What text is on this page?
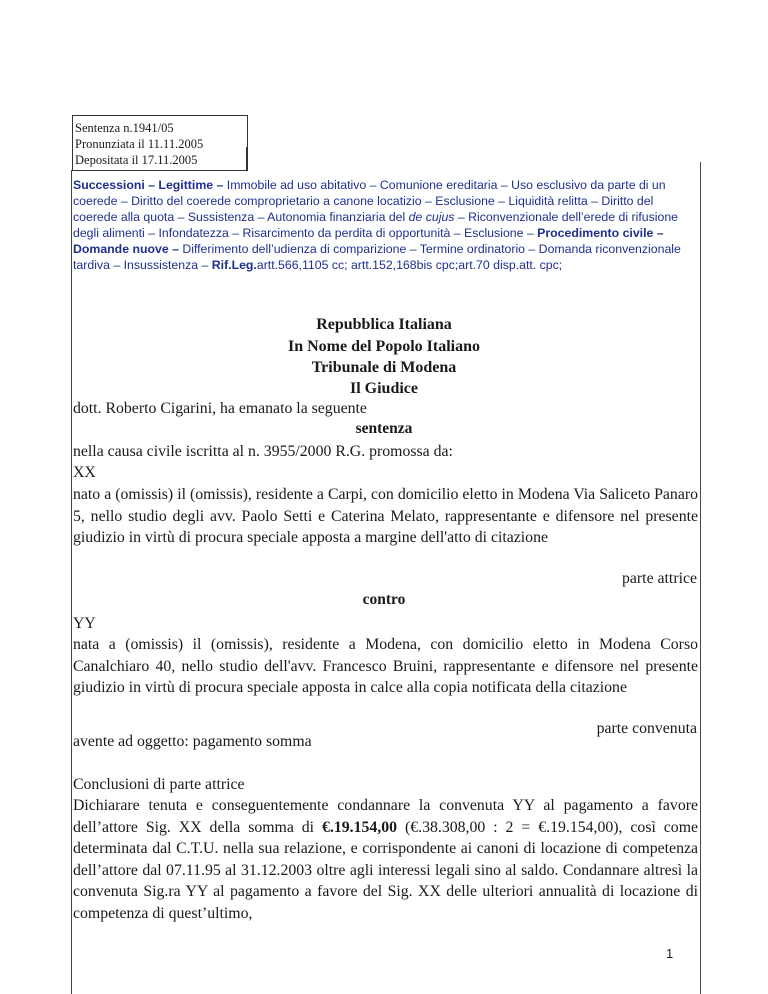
Sentenza n.1941/05
Pronunziata il 11.11.2005
Depositata il 17.11.2005
Successioni – Legittime – Immobile ad uso abitativo – Comunione ereditaria – Uso esclusivo da parte di un coerede – Diritto del coerede comproprietario a canone locatizio – Esclusione – Liquidità relitta – Diritto del coerede alla quota – Sussistenza – Autonomia finanziaria del de cujus – Riconvenzionale dell’erede di rifusione degli alimenti – Infondatezza – Risarcimento da perdita di opportunità – Esclusione – Procedimento civile – Domande nuove – Differimento dell’udienza di comparizione – Termine ordinatorio – Domanda riconvenzionale tardiva – Insussistenza – Rif.Leg.artt.566,1105 cc; artt.152,168bis cpc;art.70 disp.att. cpc;
Repubblica Italiana
In Nome del Popolo Italiano
Tribunale di Modena
Il Giudice
dott. Roberto Cigarini, ha emanato la seguente
sentenza
nella causa civile iscritta al n. 3955/2000 R.G. promossa da:
XX
nato a (omissis) il (omissis), residente a Carpi, con domicilio eletto in Modena Via Saliceto Panaro 5, nello studio degli avv. Paolo Setti e Caterina Melato, rappresentante e difensore nel presente giudizio in virtù di procura speciale apposta a margine dell'atto di citazione
parte attrice
contro
YY
nata a (omissis) il (omissis), residente a Modena, con domicilio eletto in Modena Corso Canalchiaro 40, nello studio dell'avv. Francesco Bruini, rappresentante e difensore nel presente giudizio in virtù di procura speciale apposta in calce alla copia notificata della citazione
parte convenuta
avente ad oggetto: pagamento somma
Conclusioni di parte attrice
Dichiarare tenuta e conseguentemente condannare la convenuta YY al pagamento a favore dell’attore Sig. XX della somma di €.19.154,00 (€.38.308,00 : 2 = €.19.154,00), così come determinata dal C.T.U. nella sua relazione, e corrispondente ai canoni di locazione di competenza dell’attore dal 07.11.95 al 31.12.2003 oltre agli interessi legali sino al saldo. Condannare altresì la convenuta Sig.ra YY al pagamento a favore del Sig. XX delle ulteriori annualità di locazione di competenza di quest’ultimo,
1
